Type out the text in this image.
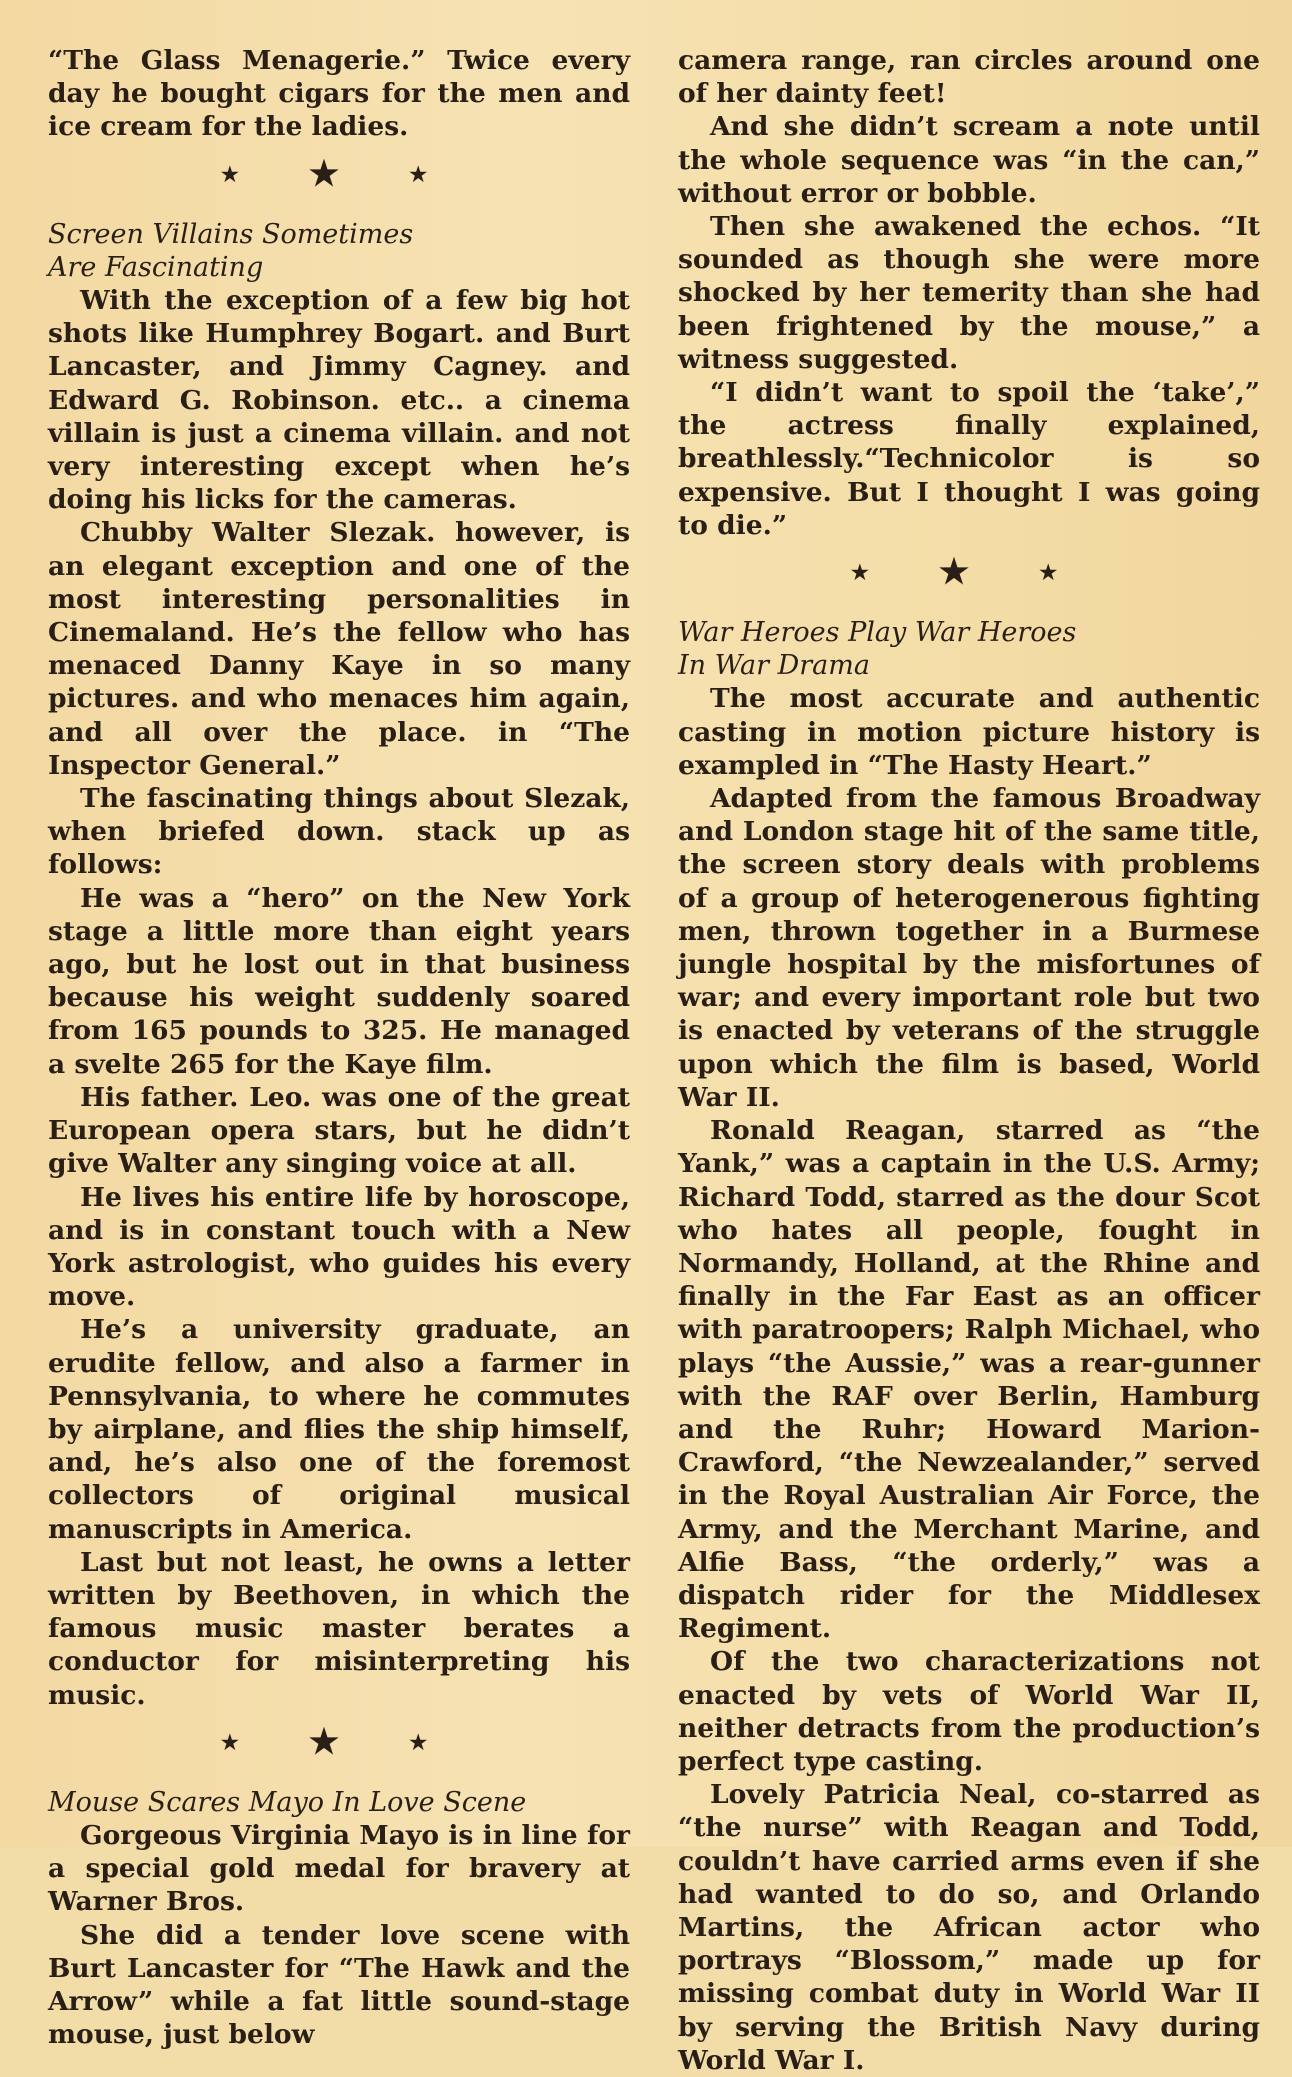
“The Glass Menagerie.” Twice every day he bought cigars for the men and ice cream for the ladies.

★ ★	★
Screen Villains Sometimes
Are Fascinating

With the exception of a few big hot shots like Humphrey Bogart. and Burt Lancaster, and Jimmy Cagney. and Edward G. Robinson. etc.. a cinema villain is just a cinema villain. and not very interesting except when he’s doing his licks for the cameras.

Chubby Walter Slezak. however, is an elegant exception and one of the most interesting personalities in Cinemaland. He’s the fellow who has menaced Danny Kaye in so many pictures. and who menaces him again, and all over the place. in “The Inspector General.”

The fascinating things about Slezak, when briefed down. stack up as follows:

He was a “hero” on the New York stage a little more than eight years ago, but he lost out in that business because his weight suddenly soared from 165 pounds to 325. He managed a svelte 265 for the Kaye film.

His father. Leo. was one of the great European opera stars, but he didn’t give Walter any singing voice at all.

He lives his entire life by horoscope, and is in constant touch with a New York astrologist, who guides his every move.

He’s a university graduate, an erudite fellow, and also a farmer in Pennsylvania, to where he commutes by airplane, and flies the ship himself, and, he’s also one of the foremost collectors of original musical manuscripts in America.

Last but not least, he owns a letter written by Beethoven, in which the famous music master berates a conductor for misinterpreting his music.

★ ★	★
Mouse Scares Mayo In Love Scene

Gorgeous Virginia Mayo is in line for a special gold medal for bravery at Warner Bros.

She did a tender love scene with Burt Lancaster for “The Hawk and the Arrow” while a fat little sound-stage mouse, just below

camera range, ran circles around one of her dainty feet!

And she didn’t scream a note until the whole sequence was “in the can,” without error or bobble.

Then she awakened the echos. “It sounded as though she were more shocked by her temerity than she had been frightened by the mouse,” a witness suggested.

“I didn’t want to spoil the ‘take’,” the actress finally explained, breathlessly.“Technicolor is so expensive. But I thought I was going to die.”

★ ★	★
War Heroes Play War Heroes
In War Drama

The most accurate and authentic casting in motion picture history is exampled in “The Hasty Heart.”

Adapted from the famous Broadway and London stage hit of the same title, the screen story deals with problems of a group of heterogenerous fighting men, thrown together in a Burmese jungle hospital by the misfortunes of war; and every important role but two is enacted by veterans of the struggle upon which the film is based, World War II.

Ronald Reagan, starred as “the Yank,” was a captain in the U.S. Army; Richard Todd, starred as the dour Scot who hates all people, fought in Normandy, Holland, at the Rhine and finally in the Far East as an officer with paratroopers; Ralph Michael, who plays “the Aussie,” was a rear-gunner with the RAF over Berlin, Hamburg and the Ruhr; Howard Marion-Crawford, “the Newzealander,” served in the Royal Australian Air Force, the Army, and the Merchant Marine, and Alfie Bass, “the orderly,” was a dispatch rider for the Middlesex Regiment.

Of the two characterizations not enacted by vets of World War II, neither detracts from the production’s perfect type casting.

Lovely Patricia Neal, co-starred as “the nurse” with Reagan and Todd, couldn’t have carried arms even if she had wanted to do so, and Orlando Martins, the African actor who portrays “Blossom,” made up for missing combat duty in World War II by serving the British Navy during World War I.
